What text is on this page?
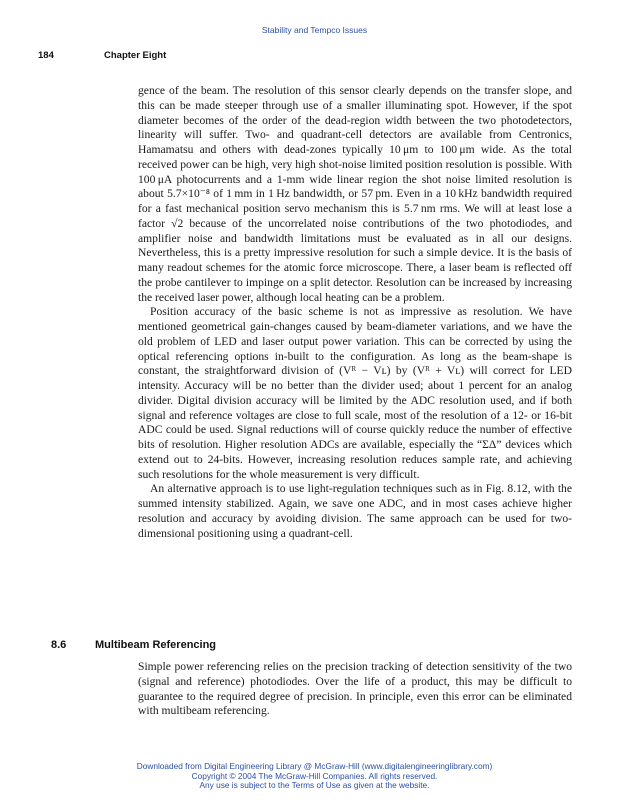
Stability and Tempco Issues
184	Chapter Eight

gence of the beam. The resolution of this sensor clearly depends on the transfer slope, and this can be made steeper through use of a smaller illuminating spot. However, if the spot diameter becomes of the order of the dead-region width between the two photodetectors, linearity will suffer. Two- and quadrant-cell detectors are available from Centronics, Hamamatsu and others with dead-zones typically 10 μm to 100 μm wide. As the total received power can be high, very high shot-noise limited position resolution is possible. With 100 μA photocurrents and a 1-mm wide linear region the shot noise limited resolution is about 5.7×10⁻⁸ of 1 mm in 1 Hz bandwidth, or 57 pm. Even in a 10 kHz bandwidth required for a fast mechanical position servo mechanism this is 5.7 nm rms. We will at least lose a factor √2 because of the uncorrelated noise contributions of the two photodiodes, and amplifier noise and bandwidth limitations must be evaluated as in all our designs. Nevertheless, this is a pretty impressive resolution for such a simple device. It is the basis of many readout schemes for the atomic force microscope. There, a laser beam is reflected off the probe cantilever to impinge on a split detector. Resolution can be increased by increasing the received laser power, although local heating can be a problem.

Position accuracy of the basic scheme is not as impressive as resolution. We have mentioned geometrical gain-changes caused by beam-diameter variations, and we have the old problem of LED and laser output power variation. This can be corrected by using the optical referencing options in-built to the configuration. As long as the beam-shape is constant, the straightforward division of (Vᴿ − Vʟ) by (Vᴿ + Vʟ) will correct for LED intensity. Accuracy will be no better than the divider used; about 1 percent for an analog divider. Digital division accuracy will be limited by the ADC resolution used, and if both signal and reference voltages are close to full scale, most of the resolution of a 12- or 16-bit ADC could be used. Signal reductions will of course quickly reduce the number of effective bits of resolution. Higher resolution ADCs are available, especially the “ΣΔ” devices which extend out to 24-bits. However, increasing resolution reduces sample rate, and achieving such resolutions for the whole measurement is very difficult.

An alternative approach is to use light-regulation techniques such as in Fig. 8.12, with the summed intensity stabilized. Again, we save one ADC, and in most cases achieve higher resolution and accuracy by avoiding division. The same approach can be used for two-dimensional positioning using a quadrant-cell.

8.6	Multibeam Referencing

Simple power referencing relies on the precision tracking of detection sensitivity of the two (signal and reference) photodiodes. Over the life of a product, this may be difficult to guarantee to the required degree of precision. In principle, even this error can be eliminated with multibeam referencing.

Downloaded from Digital Engineering Library @ McGraw-Hill (www.digitalengineeringlibrary.com)
Copyright © 2004 The McGraw-Hill Companies. All rights reserved.
Any use is subject to the Terms of Use as given at the website.
